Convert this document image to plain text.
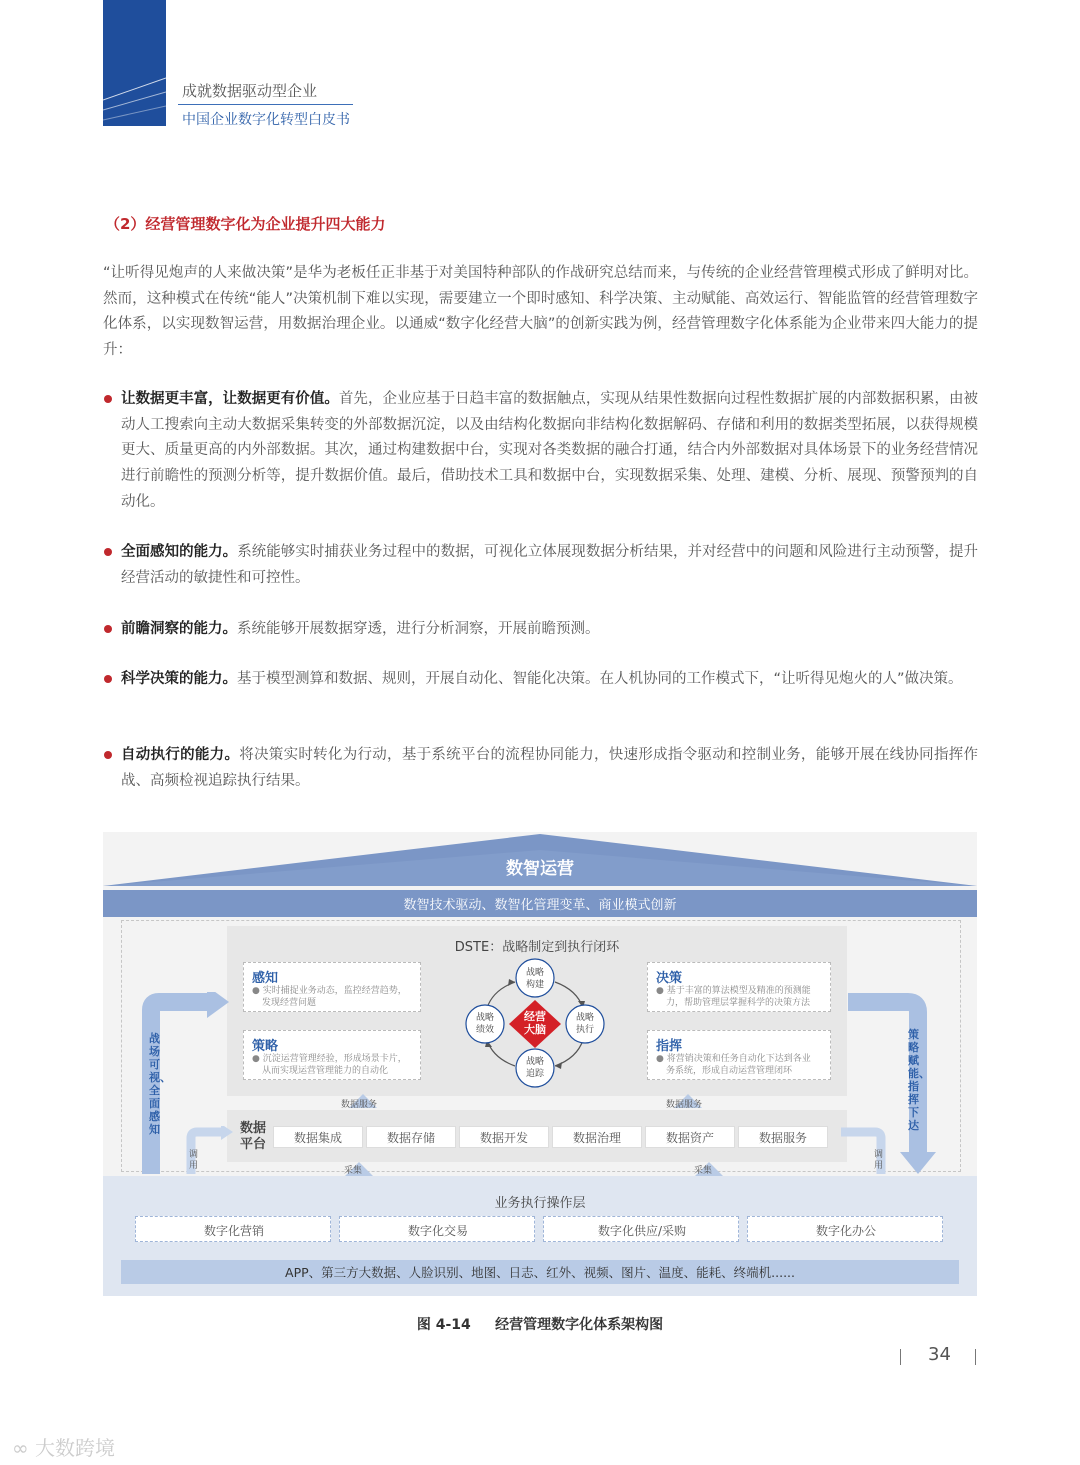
成就数据驱动型企业
中国企业数字化转型白皮书
（2）经营管理数字化为企业提升四大能力

“让听得见炮声的人来做决策”是华为老板任正非基于对美国特种部队的作战研究总结而来，与传统的企业经营管理模式形成了鲜明对比。然而，这种模式在传统“能人”决策机制下难以实现，需要建立一个即时感知、科学决策、主动赋能、高效运行、智能监管的经营管理数字化体系，以实现数智运营，用数据治理企业。以通威“数字化经营大脑”的创新实践为例，经营管理数字化体系能为企业带来四大能力的提升：

让数据更丰富，让数据更有价值。首先，企业应基于日趋丰富的数据触点，实现从结果性数据向过程性数据扩展的内部数据积累，由被动人工搜索向主动大数据采集转变的外部数据沉淀，以及由结构化数据向非结构化数据解码、存储和利用的数据类型拓展，以获得规模更大、质量更高的内外部数据。其次，通过构建数据中台，实现对各类数据的融合打通，结合内外部数据对具体场景下的业务经营情况进行前瞻性的预测分析等，提升数据价值。最后，借助技术工具和数据中台，实现数据采集、处理、建模、分析、展现、预警预判的自动化。

全面感知的能力。系统能够实时捕获业务过程中的数据，可视化立体展现数据分析结果，并对经营中的问题和风险进行主动预警，提升经营活动的敏捷性和可控性。

前瞻洞察的能力。系统能够开展数据穿透，进行分析洞察，开展前瞻预测。

科学决策的能力。基于模型测算和数据、规则，开展自动化、智能化决策。在人机协同的工作模式下，“让听得见炮火的人”做决策。

自动执行的能力。将决策实时转化为行动，基于系统平台的流程协同能力，快速形成指令驱动和控制业务，能够开展在线协同指挥作战、高频检视追踪执行结果。

数智运营
数智技术驱动、数智化管理变革、商业模式创新
DSTE：战略制定到执行闭环
感知
● 实时捕捉业务动态，监控经营趋势，
发现经营问题
策略
● 沉淀运营管理经验，形成场景卡片，
从而实现运营管理能力的自动化
决策
● 基于丰富的算法模型及精准的预测能
力，帮助管理层掌握科学的决策方法
指挥
● 将营销决策和任务自动化下达到各业
务系统，形成自动运营管理闭环
经营
大脑
战略
构建
战略
执行
战略
追踪
战略
绩效
战场可视、全面感知
策略赋能、指挥下达
数据服务	数据服务
数据
平台	数据集成	数据存储	数据开发	数据治理	数据资产	数据服务
调
用
调
用
采集	采集
业务执行操作层
数字化营销	数字化交易	数字化供应/采购	数字化办公
APP、第三方大数据、人脸识别、地图、日志、红外、视频、图片、温度、能耗、终端机......
图 4-14 经营管理数字化体系架构图
34
∞ 大数跨境
